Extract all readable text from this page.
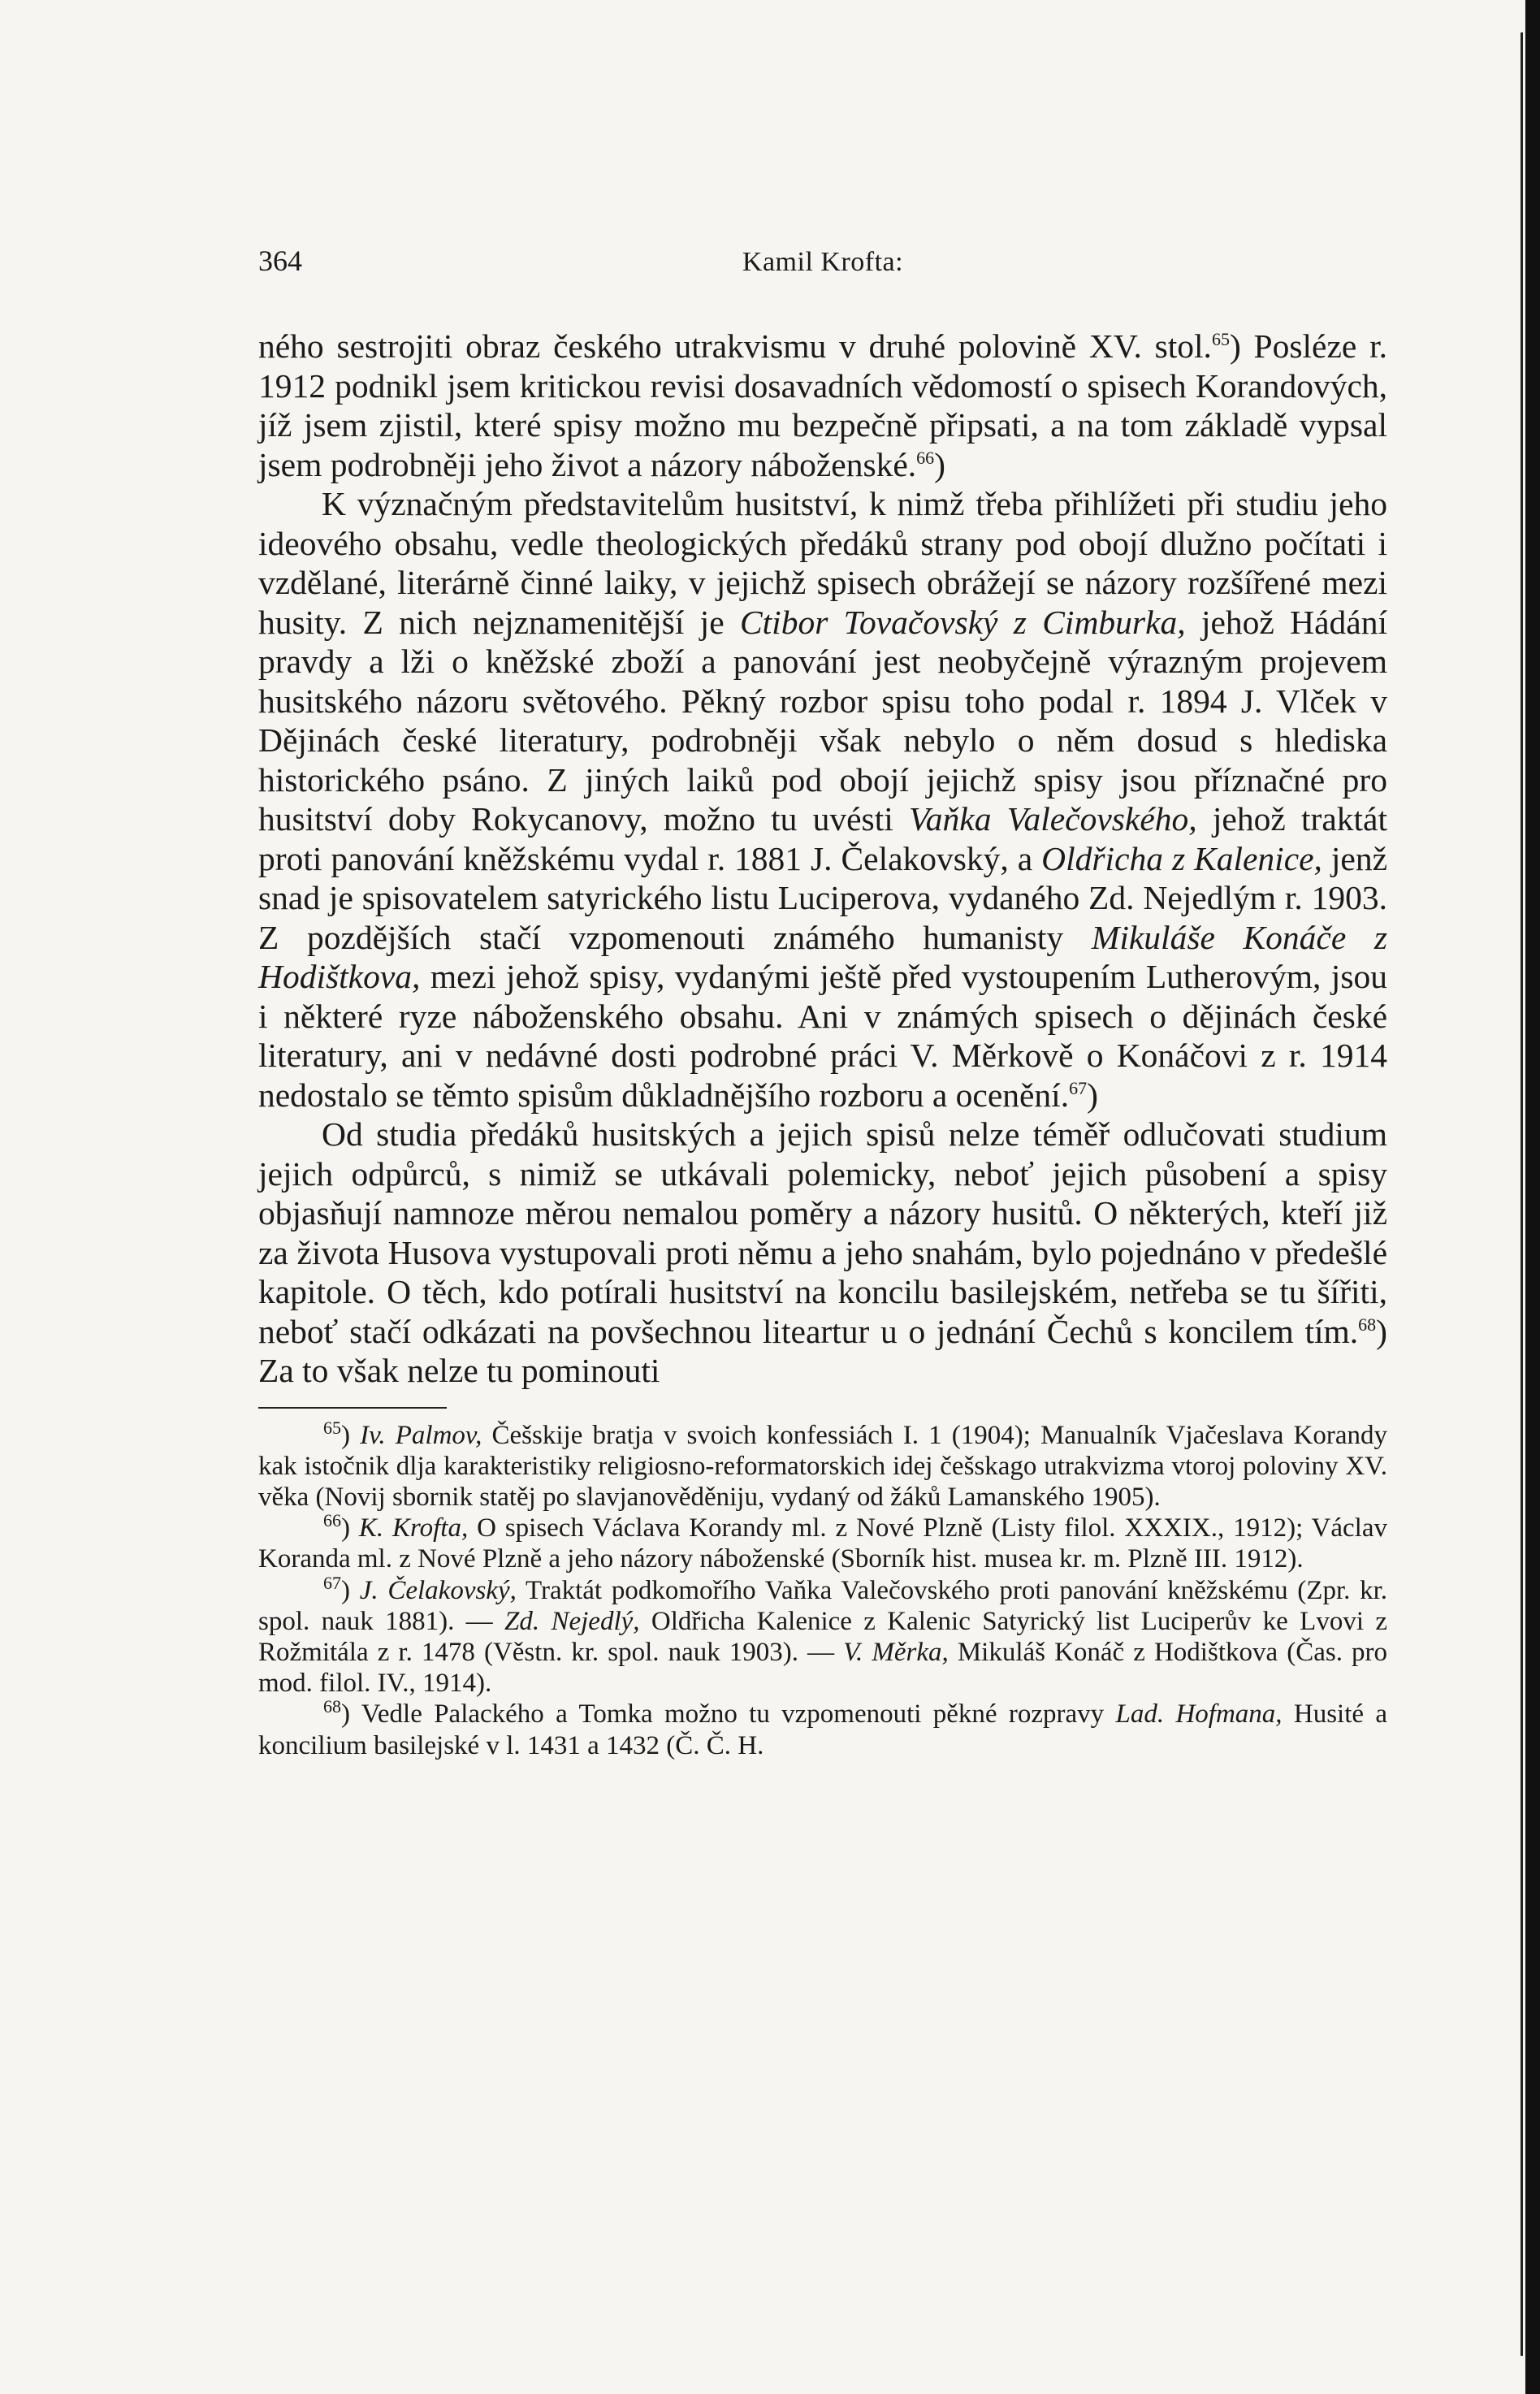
364	Kamil Krofta:

ného sestrojiti obraz českého utrakvismu v druhé polovině XV. stol.$^{65}$) Posléze r. 1912 podnikl jsem kritickou revisi dosavadních vědomostí o spisech Korandových, jíž jsem zjistil, které spisy možno mu bezpečně připsati, a na tom základě vypsal jsem podrobněji jeho život a názory náboženské.$^{66}$)

K význačným představitelům husitství, k nimž třeba přihlížeti při studiu jeho ideového obsahu, vedle theologických předáků strany pod obojí dlužno počítati i vzdělané, literárně činné laiky, v jejichž spisech obrážejí se názory rozšířené mezi husity. Z nich nejznamenitější je Ctibor Tovačovský z Cimburka, jehož Hádání pravdy a lži o kněžské zboží a panování jest neobyčejně výrazným projevem husitského názoru světového. Pěkný rozbor spisu toho podal r. 1894 J. Vlček v Dějinách české literatury, podrobněji však nebylo o něm dosud s hlediska historického psáno. Z jiných laiků pod obojí jejichž spisy jsou příznačné pro husitství doby Rokycanovy, možno tu uvésti Vaňka Valečovského, jehož traktát proti panování kněžskému vydal r. 1881 J. Čelakovský, a Oldřicha z Kalenice, jenž snad je spisovatelem satyrického listu Luciperova, vydaného Zd. Nejedlým r. 1903. Z pozdějších stačí vzpomenouti známého humanisty Mikuláše Konáče z Hodištkova, mezi jehož spisy, vydanými ještě před vystoupením Lutherovým, jsou i některé ryze náboženského obsahu. Ani v známých spisech o dějinách české literatury, ani v nedávné dosti podrobné práci V. Měrkově o Konáčovi z r. 1914 nedostalo se těmto spisům důkladnějšího rozboru a ocenění.$^{67}$)

Od studia předáků husitských a jejich spisů nelze téměř odlučovati studium jejich odpůrců, s nimiž se utkávali polemicky, neboť jejich působení a spisy objasňují namnoze měrou nemalou poměry a názory husitů. O některých, kteří již za života Husova vystupovali proti němu a jeho snahám, bylo pojednáno v předešlé kapitole. O těch, kdo potírali husitství na koncilu basilejském, netřeba se tu šířiti, neboť stačí odkázati na povšechnou liteartur u o jednání Čechů s koncilem tím.$^{68}$) Za to však nelze tu pominouti

$^{65}$) Iv. Palmov, Češskije bratja v svoich konfessiách I. 1 (1904); Manualník Vjačeslava Korandy kak istočnik dlja karakteristiky religiosno-reformatorskich idej češskago utrakvizma vtoroj poloviny XV. věka (Novij sbornik statěj po slavjanověděniju, vydaný od žáků Lamanského 1905).

$^{66}$) K. Krofta, O spisech Václava Korandy ml. z Nové Plzně (Listy filol. XXXIX., 1912); Václav Koranda ml. z Nové Plzně a jeho názory náboženské (Sborník hist. musea kr. m. Plzně III. 1912).

$^{67}$) J. Čelakovský, Traktát podkomořího Vaňka Valečovského proti panování kněžskému (Zpr. kr. spol. nauk 1881). — Zd. Nejedlý, Oldřicha Kalenice z Kalenic Satyrický list Luciperův ke Lvovi z Rožmitála z r. 1478 (Věstn. kr. spol. nauk 1903). — V. Měrka, Mikuláš Konáč z Hodištkova (Čas. pro mod. filol. IV., 1914).

$^{68}$) Vedle Palackého a Tomka možno tu vzpomenouti pěkné rozpravy Lad. Hofmana, Husité a koncilium basilejské v l. 1431 a 1432 (Č. Č. H.
